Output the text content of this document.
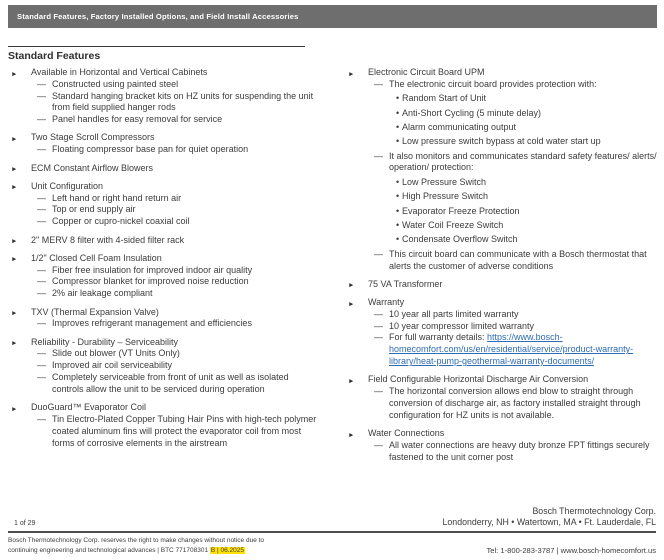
Standard Features, Factory Installed Options, and Field Install Accessories
Standard Features
► Available in Horizontal and Vertical Cabinets
— Constructed using painted steel
— Standard hanging bracket kits on HZ units for suspending the unit from field supplied hanger rods
— Panel handles for easy removal for service
► Two Stage Scroll Compressors
— Floating compressor base pan for quiet operation
► ECM Constant Airflow Blowers
► Unit Configuration
— Left hand or right hand return air
— Top or end supply air
— Copper or cupro-nickel coaxial coil
► 2" MERV 8 filter with 4-sided filter rack
► 1/2" Closed Cell Foam Insulation
— Fiber free insulation for improved indoor air quality
— Compressor blanket for improved noise reduction
— 2% air leakage compliant
► TXV (Thermal Expansion Valve)
— Improves refrigerant management and efficiencies
► Reliability - Durability – Serviceability
— Slide out blower (VT Units Only)
— Improved air coil serviceability
— Completely serviceable from front of unit as well as isolated controls allow the unit to be serviced during operation
► DuoGuard™ Evaporator Coil
— Tin Electro-Plated Copper Tubing Hair Pins with high-tech polymer coated aluminum fins will protect the evaporator coil from most forms of corrosive elements in the airstream
► Electronic Circuit Board UPM
— The electronic circuit board provides protection with:
• Random Start of Unit
• Anti-Short Cycling (5 minute delay)
• Alarm communicating output
• Low pressure switch bypass at cold water start up
— It also monitors and communicates standard safety features/ alerts/ operation/ protection:
• Low Pressure Switch
• High Pressure Switch
• Evaporator Freeze Protection
• Water Coil Freeze Switch
• Condensate Overflow Switch
— This circuit board can communicate with a Bosch thermostat that alerts the customer of adverse conditions
► 75 VA Transformer
► Warranty
— 10 year all parts limited warranty
— 10 year compressor limited warranty
— For full warranty details: https://www.bosch-homecomfort.com/us/en/residential/service/product-warranty-library/heat-pump-geothermal-warranty-documents/
► Field Configurable Horizontal Discharge Air Conversion
— The horizontal conversion allows end blow to straight through conversion of discharge air, as factory installed straight through configuration for HZ units is not available.
► Water Connections
— All water connections are heavy duty bronze FPT fittings securely fastened to the unit corner post
1 of 29
Bosch Thermotechnology Corp.
Londonderry, NH • Watertown, MA • Ft. Lauderdale, FL
Bosch Thermotechnology Corp. reserves the right to make changes without notice due to
continuing engineering and technological advances | BTC 771708301 B | 06.2025	Tel: 1-800-283-3787 | www.bosch-homecomfort.us
